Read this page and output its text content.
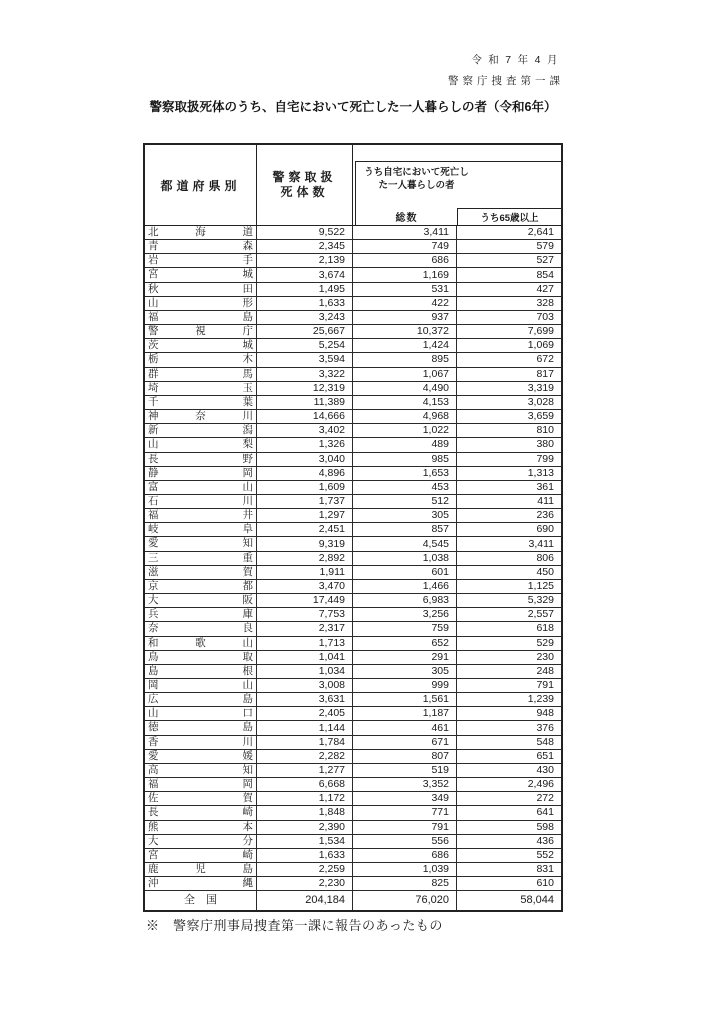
令和7年4月
警察庁捜査第一課
警察取扱死体のうち、自宅において死亡した一人暮らしの者（令和6年）
都道府県別
警察取扱
死体数
うち自宅において死亡し
た一人暮らしの者
総数	うち65歳以上
北海道	9,522	3,411	2,641
青森	2,345	749	579
岩手	2,139	686	527
宮城	3,674	1,169	854
秋田	1,495	531	427
山形	1,633	422	328
福島	3,243	937	703
警視庁	25,667	10,372	7,699
茨城	5,254	1,424	1,069
栃木	3,594	895	672
群馬	3,322	1,067	817
埼玉	12,319	4,490	3,319
千葉	11,389	4,153	3,028
神奈川	14,666	4,968	3,659
新潟	3,402	1,022	810
山梨	1,326	489	380
長野	3,040	985	799
静岡	4,896	1,653	1,313
富山	1,609	453	361
石川	1,737	512	411
福井	1,297	305	236
岐阜	2,451	857	690
愛知	9,319	4,545	3,411
三重	2,892	1,038	806
滋賀	1,911	601	450
京都	3,470	1,466	1,125
大阪	17,449	6,983	5,329
兵庫	7,753	3,256	2,557
奈良	2,317	759	618
和歌山	1,713	652	529
鳥取	1,041	291	230
島根	1,034	305	248
岡山	3,008	999	791
広島	3,631	1,561	1,239
山口	2,405	1,187	948
徳島	1,144	461	376
香川	1,784	671	548
愛媛	2,282	807	651
高知	1,277	519	430
福岡	6,668	3,352	2,496
佐賀	1,172	349	272
長崎	1,848	771	641
熊本	2,390	791	598
大分	1,534	556	436
宮崎	1,633	686	552
鹿児島	2,259	1,039	831
沖縄	2,230	825	610
全　国	204,184	76,020	58,044
※　警察庁刑事局捜査第一課に報告のあったもの
